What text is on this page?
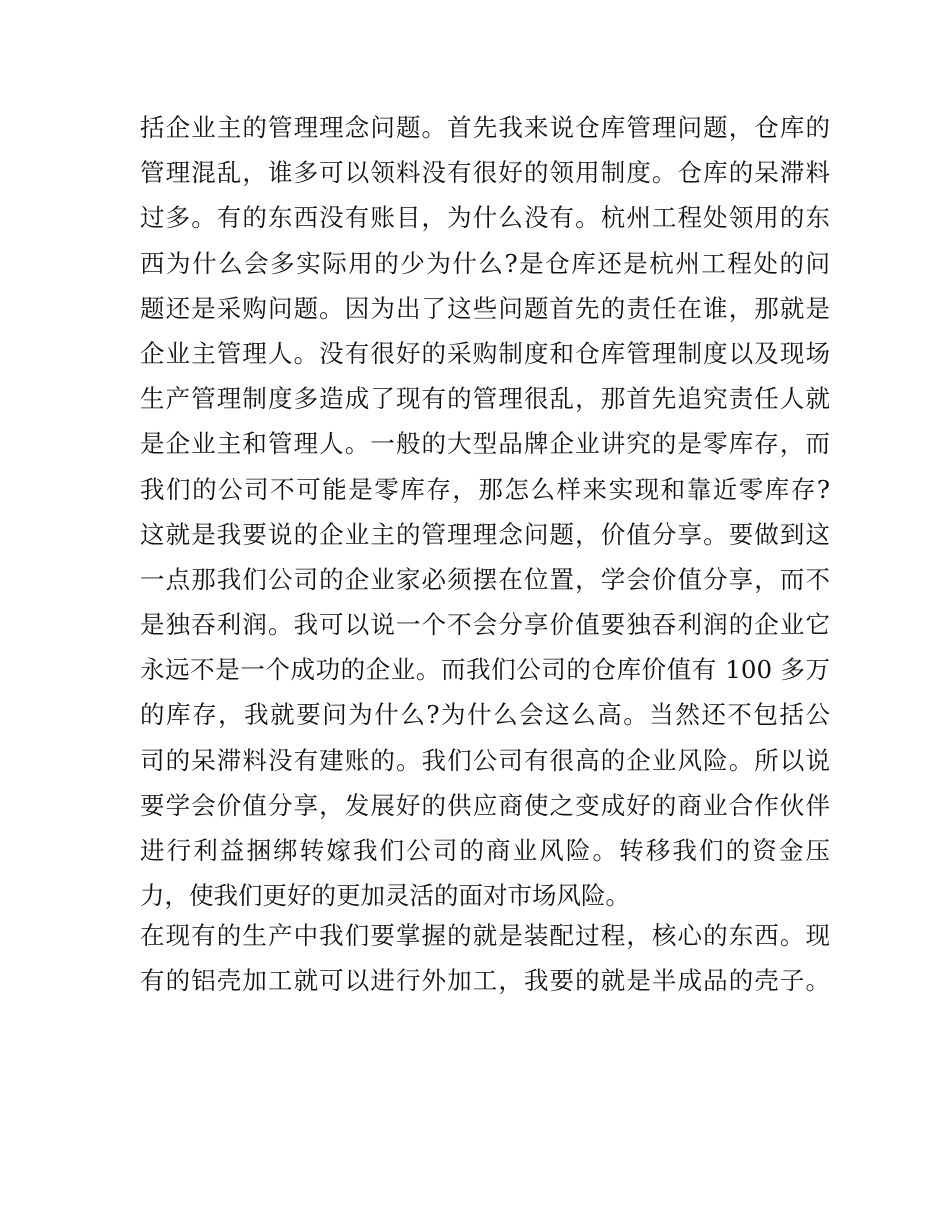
括企业主的管理理念问题。首先我来说仓库管理问题，仓库的
管理混乱，谁多可以领料没有很好的领用制度。仓库的呆滞料
过多。有的东西没有账目，为什么没有。杭州工程处领用的东
西为什么会多实际用的少为什么?是仓库还是杭州工程处的问
题还是采购问题。因为出了这些问题首先的责任在谁，那就是
企业主管理人。没有很好的采购制度和仓库管理制度以及现场
生产管理制度多造成了现有的管理很乱，那首先追究责任人就
是企业主和管理人。一般的大型品牌企业讲究的是零库存，而
我们的公司不可能是零库存，那怎么样来实现和靠近零库存?
这就是我要说的企业主的管理理念问题，价值分享。要做到这
一点那我们公司的企业家必须摆在位置，学会价值分享，而不
是独吞利润。我可以说一个不会分享价值要独吞利润的企业它
永远不是一个成功的企业。而我们公司的仓库价值有 100 多万
的库存，我就要问为什么?为什么会这么高。当然还不包括公
司的呆滞料没有建账的。我们公司有很高的企业风险。所以说
要学会价值分享，发展好的供应商使之变成好的商业合作伙伴
进行利益捆绑转嫁我们公司的商业风险。转移我们的资金压
力，使我们更好的更加灵活的面对市场风险。
在现有的生产中我们要掌握的就是装配过程，核心的东西。现
有的铝壳加工就可以进行外加工，我要的就是半成品的壳子。
